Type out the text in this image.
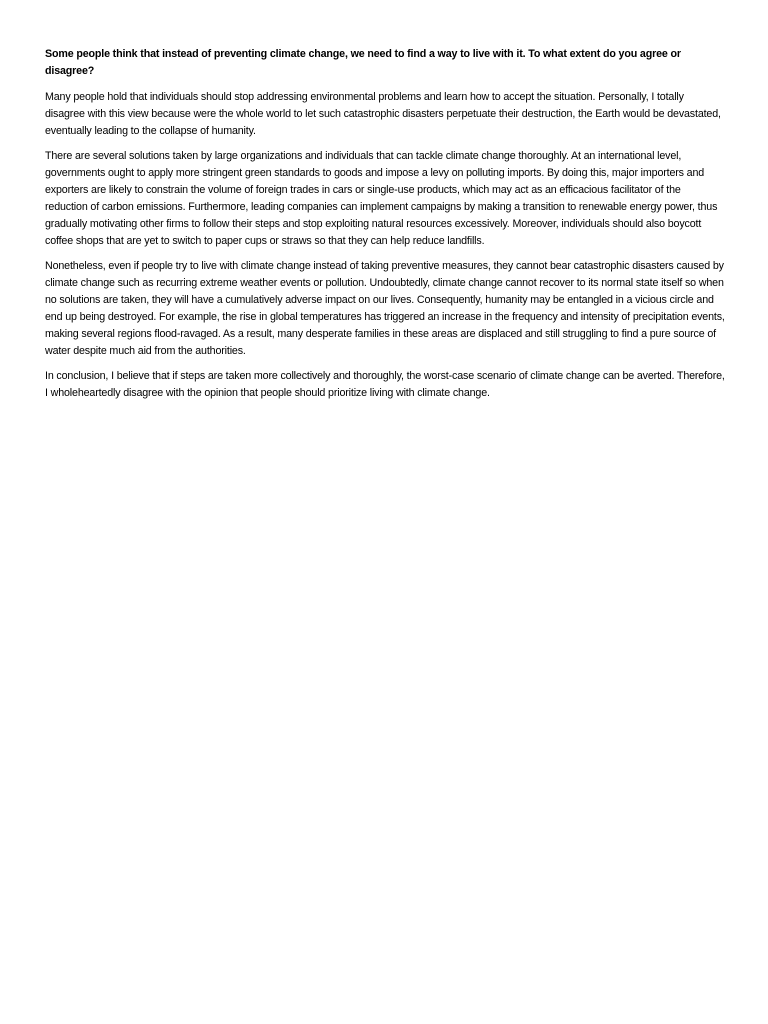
Some people think that instead of preventing climate change, we need to find a way to live with it. To what extent do you agree or disagree?

Many people hold that individuals should stop addressing environmental problems and learn how to accept the situation. Personally, I totally disagree with this view because were the whole world to let such catastrophic disasters perpetuate their destruction, the Earth would be devastated, eventually leading to the collapse of humanity.

There are several solutions taken by large organizations and individuals that can tackle climate change thoroughly. At an international level, governments ought to apply more stringent green standards to goods and impose a levy on polluting imports. By doing this, major importers and exporters are likely to constrain the volume of foreign trades in cars or single-use products, which may act as an efficacious facilitator of the reduction of carbon emissions. Furthermore, leading companies can implement campaigns by making a transition to renewable energy power, thus gradually motivating other firms to follow their steps and stop exploiting natural resources excessively. Moreover, individuals should also boycott coffee shops that are yet to switch to paper cups or straws so that they can help reduce landfills.

Nonetheless, even if people try to live with climate change instead of taking preventive measures, they cannot bear catastrophic disasters caused by climate change such as recurring extreme weather events or pollution. Undoubtedly, climate change cannot recover to its normal state itself so when no solutions are taken, they will have a cumulatively adverse impact on our lives. Consequently, humanity may be entangled in a vicious circle and end up being destroyed. For example, the rise in global temperatures has triggered an increase in the frequency and intensity of precipitation events, making several regions flood-ravaged. As a result, many desperate families in these areas are displaced and still struggling to find a pure source of water despite much aid from the authorities.

In conclusion, I believe that if steps are taken more collectively and thoroughly, the worst-case scenario of climate change can be averted. Therefore, I wholeheartedly disagree with the opinion that people should prioritize living with climate change.
